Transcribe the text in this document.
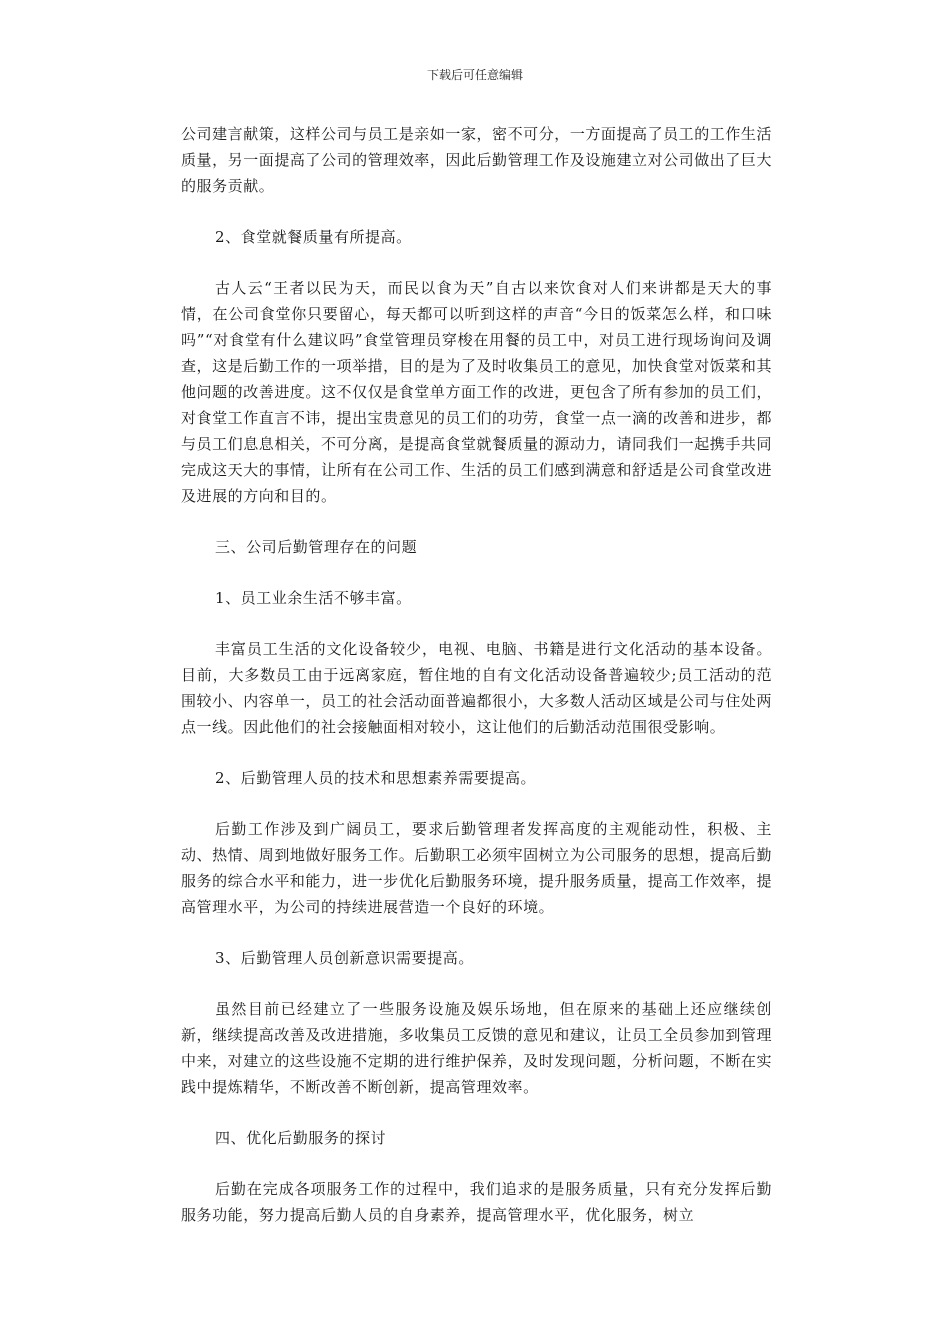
下载后可任意编辑

公司建言献策，这样公司与员工是亲如一家，密不可分，一方面提高了员工的工作生活质量，另一面提高了公司的管理效率，因此后勤管理工作及设施建立对公司做出了巨大的服务贡献。

2、食堂就餐质量有所提高。

古人云“王者以民为天，而民以食为天”自古以来饮食对人们来讲都是天大的事情，在公司食堂你只要留心，每天都可以听到这样的声音“今日的饭菜怎么样，和口味吗”“对食堂有什么建议吗”食堂管理员穿梭在用餐的员工中，对员工进行现场询问及调查，这是后勤工作的一项举措，目的是为了及时收集员工的意见，加快食堂对饭菜和其他问题的改善进度。这不仅仅是食堂单方面工作的改进，更包含了所有参加的员工们，对食堂工作直言不讳，提出宝贵意见的员工们的功劳，食堂一点一滴的改善和进步，都与员工们息息相关，不可分离，是提高食堂就餐质量的源动力，请同我们一起携手共同完成这天大的事情，让所有在公司工作、生活的员工们感到满意和舒适是公司食堂改进及进展的方向和目的。

三、公司后勤管理存在的问题

1、员工业余生活不够丰富。

丰富员工生活的文化设备较少，电视、电脑、书籍是进行文化活动的基本设备。目前，大多数员工由于远离家庭，暂住地的自有文化活动设备普遍较少;员工活动的范围较小、内容单一，员工的社会活动面普遍都很小，大多数人活动区域是公司与住处两点一线。因此他们的社会接触面相对较小，这让他们的后勤活动范围很受影响。

2、后勤管理人员的技术和思想素养需要提高。

后勤工作涉及到广阔员工，要求后勤管理者发挥高度的主观能动性，积极、主动、热情、周到地做好服务工作。后勤职工必须牢固树立为公司服务的思想，提高后勤服务的综合水平和能力，进一步优化后勤服务环境，提升服务质量，提高工作效率，提高管理水平，为公司的持续进展营造一个良好的环境。

3、后勤管理人员创新意识需要提高。

虽然目前已经建立了一些服务设施及娱乐场地，但在原来的基础上还应继续创新，继续提高改善及改进措施，多收集员工反馈的意见和建议，让员工全员参加到管理中来，对建立的这些设施不定期的进行维护保养，及时发现问题，分析问题，不断在实践中提炼精华，不断改善不断创新，提高管理效率。

四、优化后勤服务的探讨

后勤在完成各项服务工作的过程中，我们追求的是服务质量，只有充分发挥后勤服务功能，努力提高后勤人员的自身素养，提高管理水平，优化服务，树立
